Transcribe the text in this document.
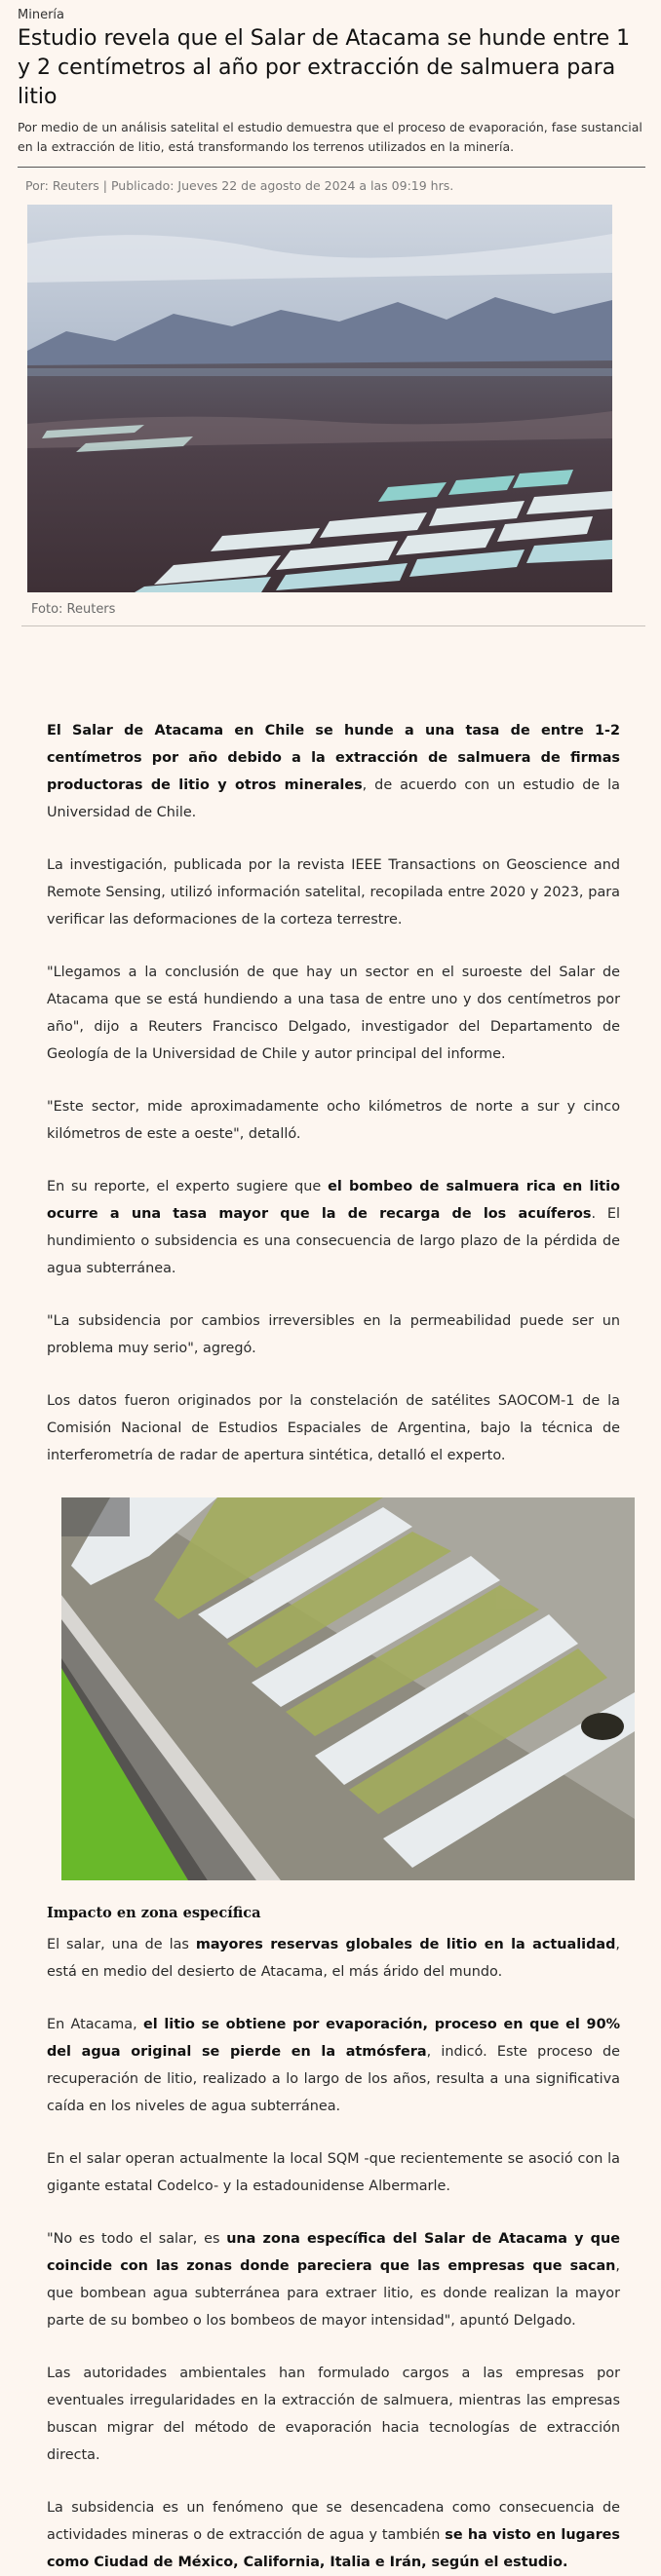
Minería
Estudio revela que el Salar de Atacama se hunde entre 1 y 2 centímetros al año por extracción de salmuera para litio
Por medio de un análisis satelital el estudio demuestra que el proceso de evaporación, fase sustancial en la extracción de litio, está transformando los terrenos utilizados en la minería.
Por: Reuters | Publicado: Jueves 22 de agosto de 2024 a las 09:19 hrs.
Foto: Reuters

El Salar de Atacama en Chile se hunde a una tasa de entre 1-2 centímetros por año debido a la extracción de salmuera de firmas productoras de litio y otros minerales, de acuerdo con un estudio de la Universidad de Chile.

La investigación, publicada por la revista IEEE Transactions on Geoscience and Remote Sensing, utilizó información satelital, recopilada entre 2020 y 2023, para verificar las deformaciones de la corteza terrestre.

"Llegamos a la conclusión de que hay un sector en el suroeste del Salar de Atacama que se está hundiendo a una tasa de entre uno y dos centímetros por año", dijo a Reuters Francisco Delgado, investigador del Departamento de Geología de la Universidad de Chile y autor principal del informe.

"Este sector, mide aproximadamente ocho kilómetros de norte a sur y cinco kilómetros de este a oeste", detalló.

En su reporte, el experto sugiere que el bombeo de salmuera rica en litio ocurre a una tasa mayor que la de recarga de los acuíferos. El hundimiento o subsidencia es una consecuencia de largo plazo de la pérdida de agua subterránea.

"La subsidencia por cambios irreversibles en la permeabilidad puede ser un problema muy serio", agregó.

Los datos fueron originados por la constelación de satélites SAOCOM-1 de la Comisión Nacional de Estudios Espaciales de Argentina, bajo la técnica de interferometría de radar de apertura sintética, detalló el experto.

Impacto en zona específica

El salar, una de las mayores reservas globales de litio en la actualidad, está en medio del desierto de Atacama, el más árido del mundo.

En Atacama, el litio se obtiene por evaporación, proceso en que el 90% del agua original se pierde en la atmósfera, indicó. Este proceso de recuperación de litio, realizado a lo largo de los años, resulta a una significativa caída en los niveles de agua subterránea.

En el salar operan actualmente la local SQM -que recientemente se asoció con la gigante estatal Codelco- y la estadounidense Albermarle.

"No es todo el salar, es una zona específica del Salar de Atacama y que coincide con las zonas donde pareciera que las empresas que sacan, que bombean agua subterránea para extraer litio, es donde realizan la mayor parte de su bombeo o los bombeos de mayor intensidad", apuntó Delgado.

Las autoridades ambientales han formulado cargos a las empresas por eventuales irregularidades en la extracción de salmuera, mientras las empresas buscan migrar del método de evaporación hacia tecnologías de extracción directa.

La subsidencia es un fenómeno que se desencadena como consecuencia de actividades mineras o de extracción de agua y también se ha visto en lugares como Ciudad de México, California, Italia e Irán, según el estudio.
